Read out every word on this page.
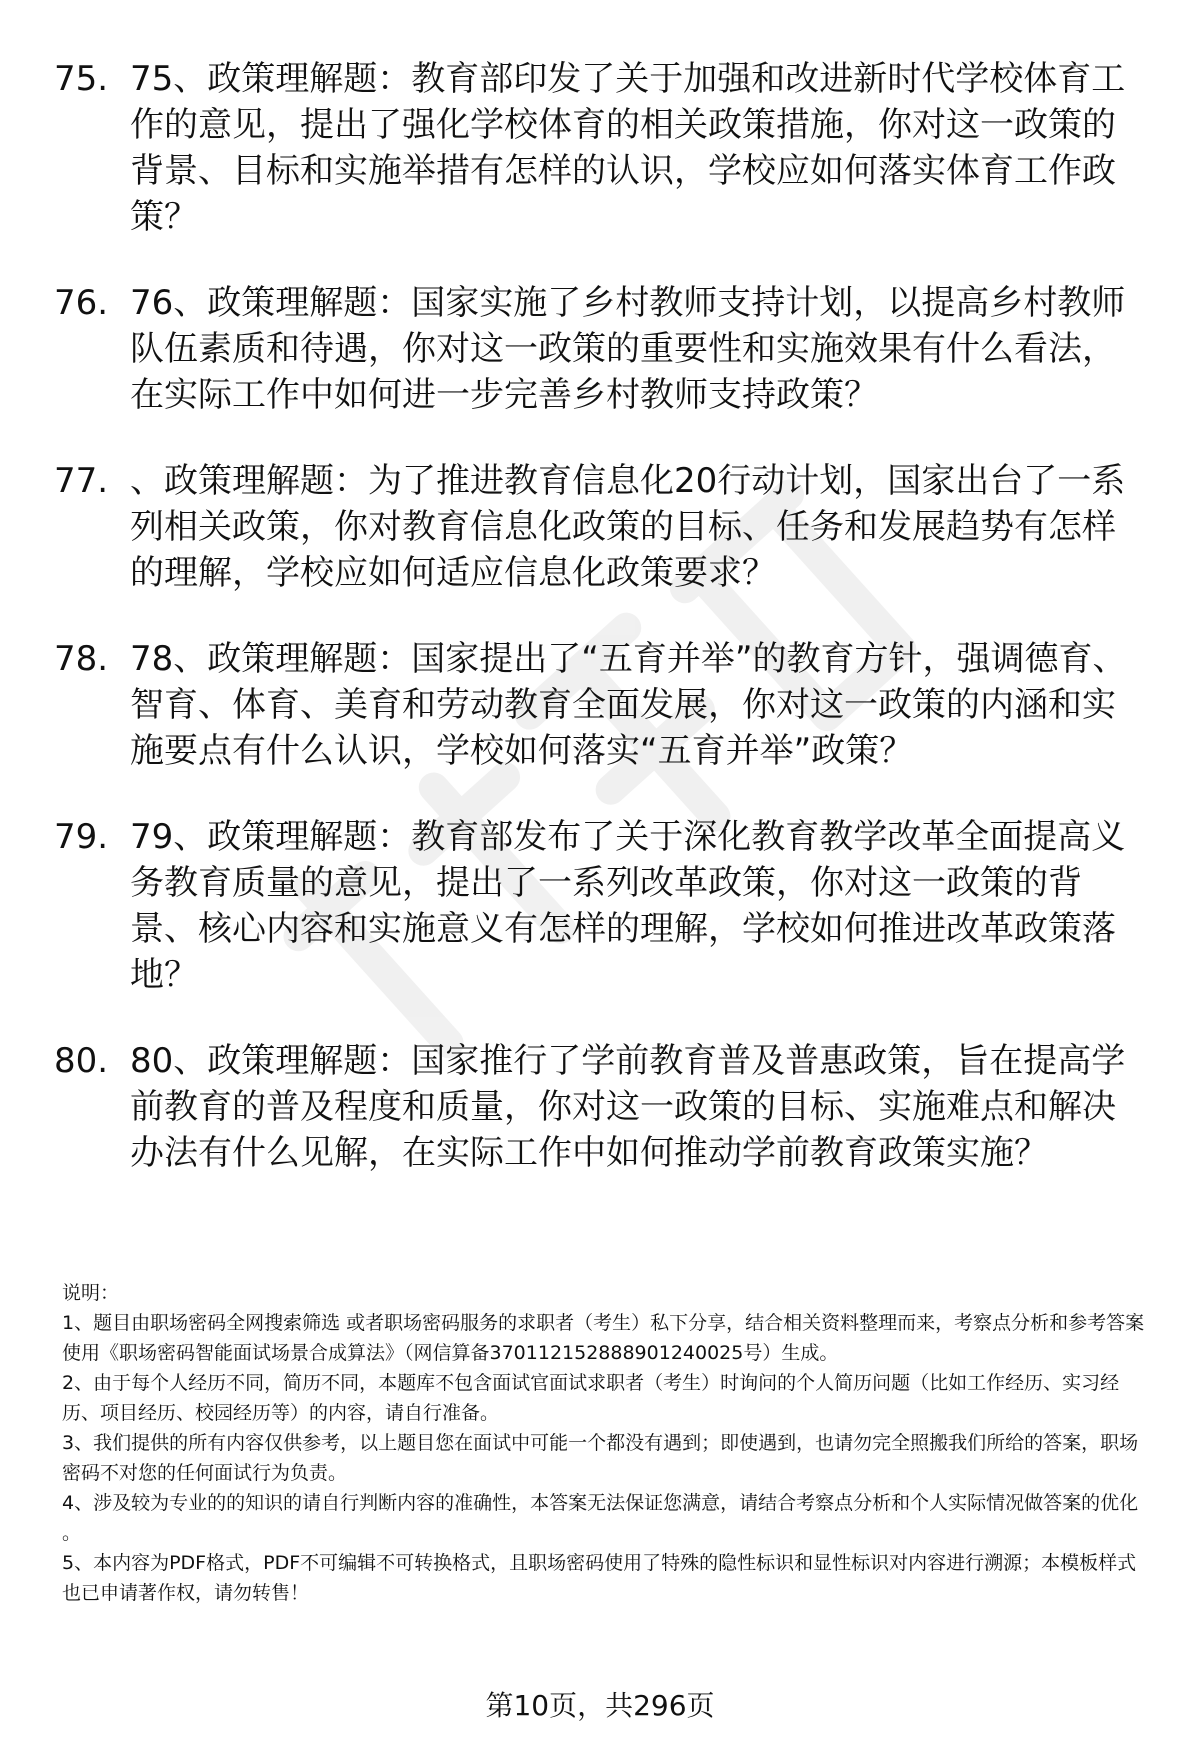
75. 75、政策理解题：教育部印发了关于加强和改进新时代学校体育工作的意见，提出了强化学校体育的相关政策措施，你对这一政策的背景、目标和实施举措有怎样的认识，学校应如何落实体育工作政策？
76. 76、政策理解题：国家实施了乡村教师支持计划，以提高乡村教师队伍素质和待遇，你对这一政策的重要性和实施效果有什么看法，在实际工作中如何进一步完善乡村教师支持政策？
77. 、政策理解题：为了推进教育信息化20行动计划，国家出台了一系列相关政策，你对教育信息化政策的目标、任务和发展趋势有怎样的理解，学校应如何适应信息化政策要求？
78. 78、政策理解题：国家提出了“五育并举”的教育方针，强调德育、智育、体育、美育和劳动教育全面发展，你对这一政策的内涵和实施要点有什么认识，学校如何落实“五育并举”政策？
79. 79、政策理解题：教育部发布了关于深化教育教学改革全面提高义务教育质量的意见，提出了一系列改革政策，你对这一政策的背景、核心内容和实施意义有怎样的理解，学校如何推进改革政策落地？
80. 80、政策理解题：国家推行了学前教育普及普惠政策，旨在提高学前教育的普及程度和质量，你对这一政策的目标、实施难点和解决办法有什么见解，在实际工作中如何推动学前教育政策实施？

说明：

1、题目由职场密码全网搜索筛选 或者职场密码服务的求职者（考生）私下分享，结合相关资料整理而来，考察点分析和参考答案使用《职场密码智能面试场景合成算法》（网信算备370112152888901240025号）生成。

2、由于每个人经历不同，简历不同，本题库不包含面试官面试求职者（考生）时询问的个人简历问题（比如工作经历、实习经历、项目经历、校园经历等）的内容，请自行准备。

3、我们提供的所有内容仅供参考，以上题目您在面试中可能一个都没有遇到；即使遇到，也请勿完全照搬我们所给的答案，职场密码不对您的任何面试行为负责。

4、涉及较为专业的的知识的请自行判断内容的准确性，本答案无法保证您满意，请结合考察点分析和个人实际情况做答案的优化 。

5、本内容为PDF格式，PDF不可编辑不可转换格式，且职场密码使用了特殊的隐性标识和显性标识对内容进行溯源；本模板样式也已申请著作权，请勿转售！

第10页，共296页
